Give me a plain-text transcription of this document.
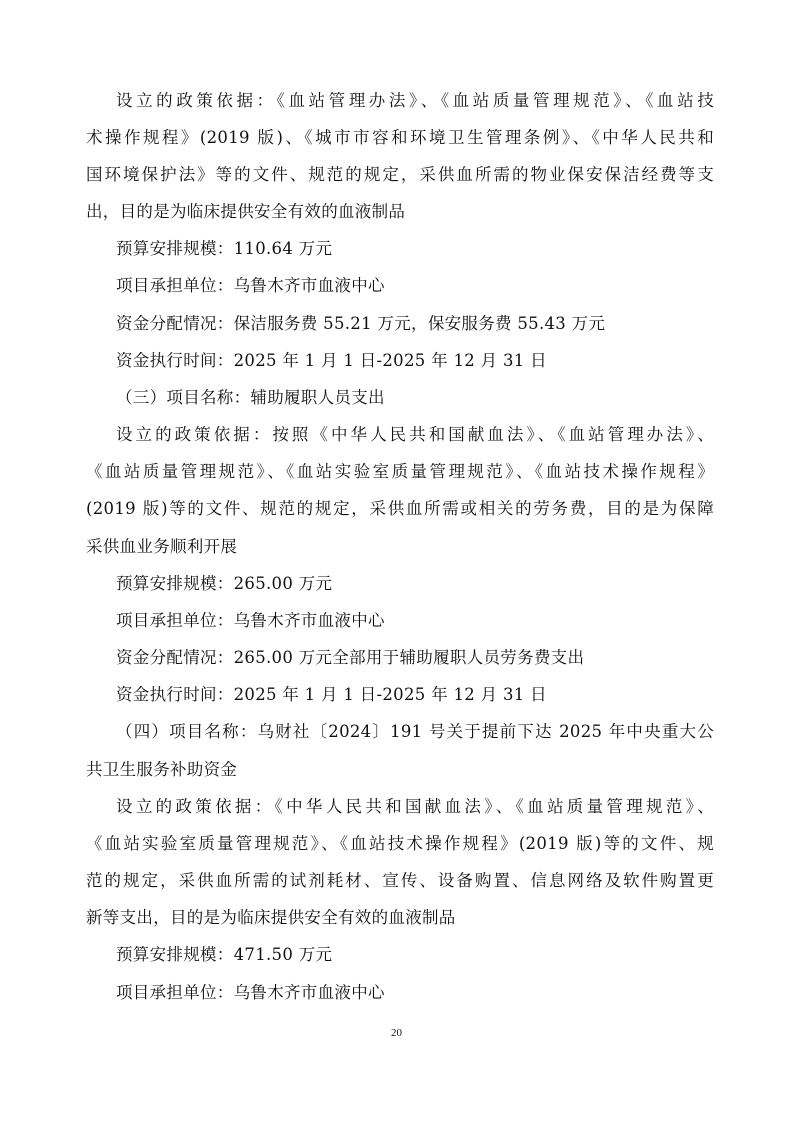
设立的政策依据：《血站管理办法》、《血站质量管理规范》、《血站技
术操作规程》(2019 版)、《城市市容和环境卫生管理条例》、《中华人民共和
国环境保护法》等的文件、规范的规定，采供血所需的物业保安保洁经费等支
出，目的是为临床提供安全有效的血液制品
预算安排规模：110.64 万元
项目承担单位：乌鲁木齐市血液中心
资金分配情况：保洁服务费 55.21 万元，保安服务费 55.43 万元
资金执行时间：2025 年 1 月 1 日-2025 年 12 月 31 日
（三）项目名称：辅助履职人员支出
设立的政策依据：按照《中华人民共和国献血法》、《血站管理办法》、
《血站质量管理规范》、《血站实验室质量管理规范》、《血站技术操作规程》
(2019 版)等的文件、规范的规定，采供血所需或相关的劳务费，目的是为保障
采供血业务顺利开展
预算安排规模：265.00 万元
项目承担单位：乌鲁木齐市血液中心
资金分配情况：265.00 万元全部用于辅助履职人员劳务费支出
资金执行时间：2025 年 1 月 1 日-2025 年 12 月 31 日
（四）项目名称：乌财社〔2024〕191 号关于提前下达 2025 年中央重大公
共卫生服务补助资金
设立的政策依据：《中华人民共和国献血法》、《血站质量管理规范》、
《血站实验室质量管理规范》、《血站技术操作规程》(2019 版)等的文件、规
范的规定，采供血所需的试剂耗材、宣传、设备购置、信息网络及软件购置更
新等支出，目的是为临床提供安全有效的血液制品
预算安排规模：471.50 万元
项目承担单位：乌鲁木齐市血液中心
20
